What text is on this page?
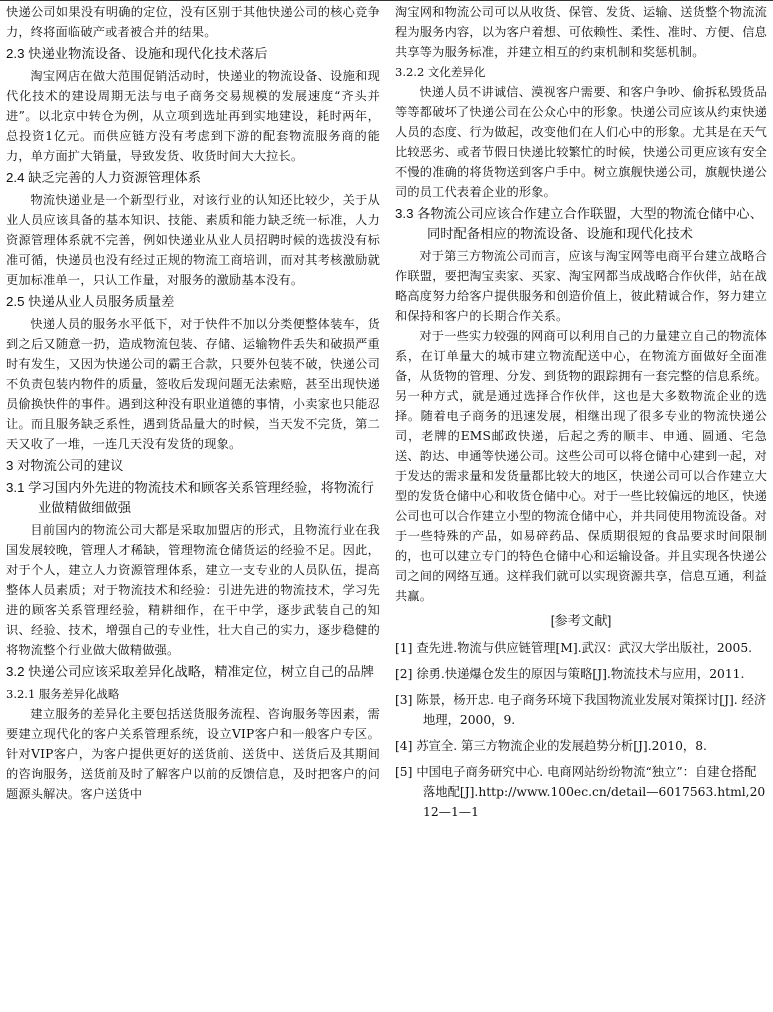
快递公司如果没有明确的定位，没有区别于其他快递公司的核心竞争力，终将面临破产或者被合并的结果。

2.3 快递业物流设备、设施和现代化技术落后

淘宝网店在做大范围促销活动时，快递业的物流设备、设施和现代化技术的建设周期无法与电子商务交易规模的发展速度“齐头并进”。以北京中转仓为例，从立项到选址再到实地建设，耗时两年，总投资1亿元。而供应链方没有考虑到下游的配套物流服务商的能力，单方面扩大销量，导致发货、收货时间大大拉长。

2.4 缺乏完善的人力资源管理体系

物流快递业是一个新型行业，对该行业的认知还比较少，关于从业人员应该具备的基本知识、技能、素质和能力缺乏统一标准，人力资源管理体系就不完善，例如快递业从业人员招聘时候的选拔没有标准可循，快递员也没有经过正规的物流工商培训，而对其考核激励就更加标准单一，只认工作量，对服务的激励基本没有。

2.5 快递从业人员服务质量差

快递人员的服务水平低下，对于快件不加以分类便整体装车，货到之后又随意一扔，造成物流包装、存储、运输物件丢失和破损严重时有发生，又因为快递公司的霸王合款，只要外包装不破，快递公司不负责包装内物件的质量，签收后发现问题无法索赔，甚至出现快递员偷换快件的事件。遇到这种没有职业道德的事情，小卖家也只能忍让。而且服务缺乏系性，遇到货品量大的时候，当天发不完货，第二天又收了一堆，一连几天没有发货的现象。

3 对物流公司的建议
3.1 学习国内外先进的物流技术和顾客关系管理经验，将物流行业做精做细做强

目前国内的物流公司大都是采取加盟店的形式，且物流行业在我国发展较晚，管理人才稀缺，管理物流仓储货运的经验不足。因此，对于个人，建立人力资源管理体系，建立一支专业的人员队伍，提高整体人员素质；对于物流技术和经验：引进先进的物流技术，学习先进的顾客关系管理经验，精耕细作，在干中学，逐步武装自己的知识、经验、技术，增强自己的专业性，壮大自己的实力，逐步稳健的将物流整个行业做大做精做强。

3.2 快递公司应该采取差异化战略，精准定位，树立自己的品牌
3.2.1 服务差异化战略

建立服务的差异化主要包括送货服务流程、咨询服务等因素，需要建立现代化的客户关系管理系统，设立VIP客户和一般客户专区。针对VIP客户，为客户提供更好的送货前、送货中、送货后及其期间的咨询服务，送货前及时了解客户以前的反馈信息，及时把客户的问题源头解决。客户送货中

淘宝网和物流公司可以从收货、保管、发货、运输、送货整个物流流程为服务内容，以为客户着想、可依赖性、柔性、准时、方便、信息共享等为服务标准，并建立相互的约束机制和奖惩机制。

3.2.2 文化差异化

快递人员不讲诚信、漠视客户需要、和客户争吵、偷拆私毁货品等等都破坏了快递公司在公众心中的形象。快递公司应该从约束快递人员的态度、行为做起，改变他们在人们心中的形象。尤其是在天气比较恶劣、或者节假日快递比较繁忙的时候，快递公司更应该有安全不慢的准确的将货物送到客户手中。树立旗舰快递公司，旗舰快递公司的员工代表着企业的形象。

3.3 各物流公司应该合作建立合作联盟，大型的物流仓储中心、同时配备相应的物流设备、设施和现代化技术

对于第三方物流公司而言，应该与淘宝网等电商平台建立战略合作联盟，要把淘宝卖家、买家、淘宝网都当成战略合作伙伴，站在战略高度努力给客户提供服务和创造价值上，彼此精诚合作，努力建立和保持和客户的长期合作关系。

对于一些实力较强的网商可以利用自己的力量建立自己的物流体系，在订单量大的城市建立物流配送中心，在物流方面做好全面准备，从货物的管理、分发、到货物的跟踪拥有一套完整的信息系统。另一种方式，就是通过选择合作伙伴，这也是大多数物流企业的选择。随着电子商务的迅速发展，相继出现了很多专业的物流快递公司，老牌的EMS邮政快递，后起之秀的顺丰、申通、圆通、宅急送、韵达、申通等快递公司。这些公司可以将仓储中心建到一起，对于发达的需求量和发货量都比较大的地区，快递公司可以合作建立大型的发货仓储中心和收货仓储中心。对于一些比较偏远的地区，快递公司也可以合作建立小型的物流仓储中心，并共同使用物流设备。对于一些特殊的产品，如易碎药品、保质期很短的食品要求时间限制的，也可以建立专门的特色仓储中心和运输设备。并且实现各快递公司之间的网络互通。这样我们就可以实现资源共享，信息互通，利益共赢。

[参考文献]
[1] 查先进.物流与供应链管理[M].武汉：武汉大学出版社，2005.
[2] 徐勇.快递爆仓发生的原因与策略[J].物流技术与应用，2011.
[3] 陈景，杨开忠. 电子商务环境下我国物流业发展对策探讨[J]. 经济地理，2000，9.
[4] 苏宣全. 第三方物流企业的发展趋势分析[J].2010，8.
[5] 中国电子商务研究中心. 电商网站纷纷物流“独立”：自建仓搭配落地配[J].http://www.100ec.cn/detail—6017563.html,2012—1—1
